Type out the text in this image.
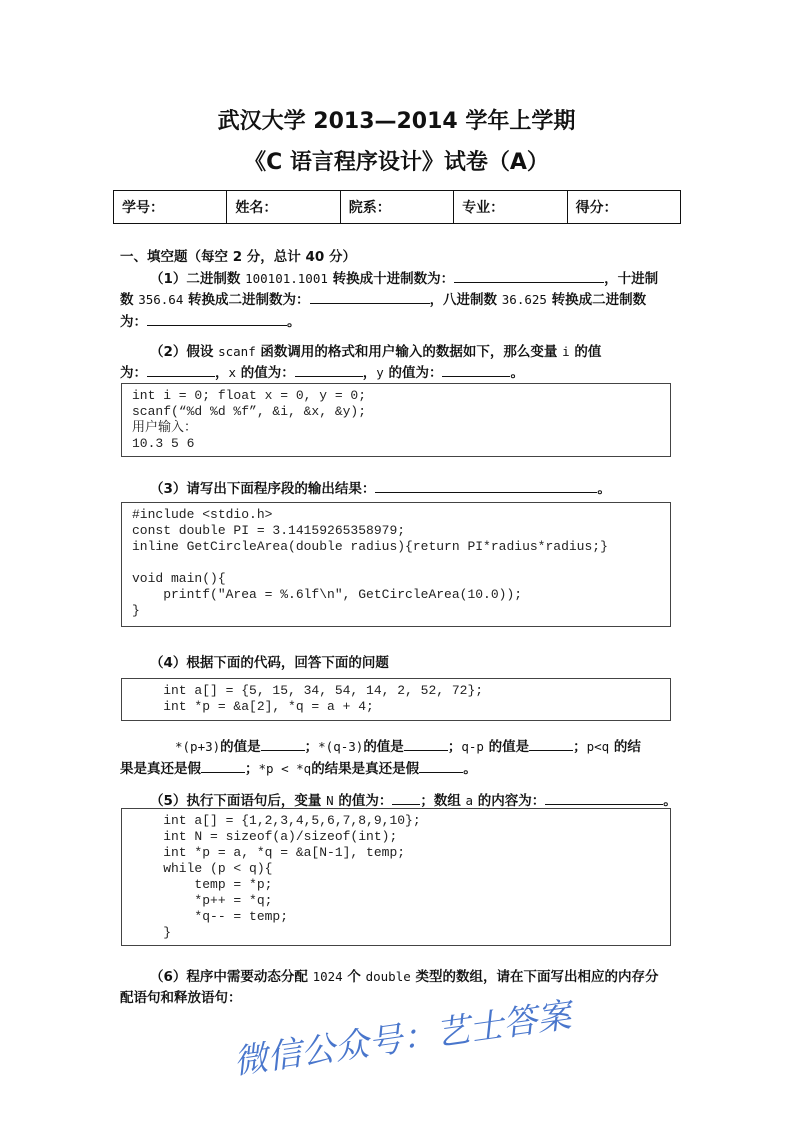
武汉大学 2013—2014 学年上学期
《C 语言程序设计》试卷（A）
学号：	姓名：	院系：	专业：	得分：
一、填空题（每空 2 分，总计 40 分）
（1）二进制数 100101.1001 转换成十进制数为：	，十进制
数 356.64 转换成二进制数为：	，八进制数 36.625 转换成二进制数
为：	。
（2）假设 scanf 函数调用的格式和用户输入的数据如下，那么变量 i 的值
为：	，x 的值为：	，y 的值为：	。
int i = 0; float x = 0, y = 0;
scanf(“%d %d %f”, &i, &x, &y);
用户输入：
10.3 5 6
（3）请写出下面程序段的输出结果：	。
#include <stdio.h>
const double PI = 3.14159265358979;
inline GetCircleArea(double radius){return PI*radius*radius;}

void main(){
printf("Area = %.6lf\n", GetCircleArea(10.0));
}
（4）根据下面的代码，回答下面的问题
int a[] = {5, 15, 34, 54, 14, 2, 52, 72};
int *p = &a[2], *q = a + 4;
*(p+3)的值是	；*(q-3)的值是	；q-p 的值是	；p<q 的结
果是真还是假	；*p < *q的结果是真还是假	。
（5）执行下面语句后，变量 N 的值为： ；数组 a 的内容为：	。
int a[] = {1,2,3,4,5,6,7,8,9,10};
int N = sizeof(a)/sizeof(int);
int *p = a, *q = &a[N-1], temp;
while (p < q){
temp = *p;
*p++ = *q;
*q-- = temp;
}
（6）程序中需要动态分配 1024 个 double 类型的数组，请在下面写出相应的内存分
配语句和释放语句：
微信公众号：艺士答案
